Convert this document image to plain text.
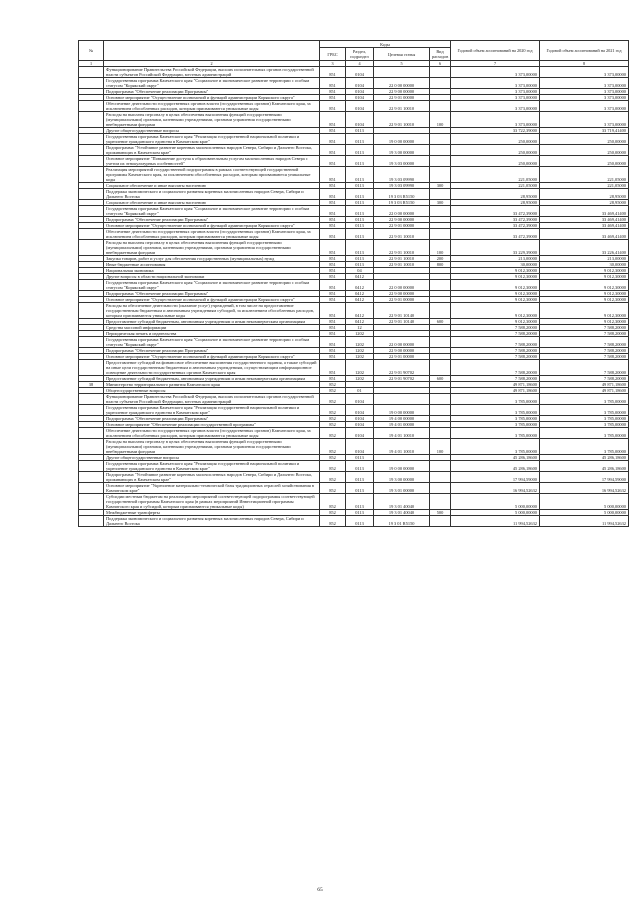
№		Коды				Годовой объем ассигнований на 2020 год	Годовой объем ассигнований на 2021 год
		ГРБС	Раздел, подраздел	Целевая статья	Вид расходов		
1	2	3	4	5	6	7	8
	Функционирование Правительства Российской Федерации, высших исполнительных органов государственной власти субъектов Российской Федерации, местных администраций	851	0104			3 373,00000	3 373,00000
	Государственная программа Камчатского края "Социальное и экономическое развитие территории с особым статусом "Корякский округ"	851	0104	22 0 00 00000		3 373,00000	3 373,00000
	Подпрограмма "Обеспечение реализации Программы"	851	0104	22 9 00 00000		3 373,00000	3 373,00000
	Основное мероприятие "Осуществление полномочий и функций администрации Корякского округа"	851	0104	22 9 01 00000		3 373,00000	3 373,00000
	Обеспечение деятельности государственных органов власти (государственных органов) Камчатского края, за исключением обособленных расходов, которым присваиваются уникальные коды	851	0104	22 9 01 10010		3 373,00000	3 373,00000
	Расходы на выплаты персоналу в целях обеспечения выполнения функций государственными (муниципальными) органами, казенными учреждениями, органами управления государственными внебюджетными фондами	851	0104	22 9 01 10010	100	3 373,00000	3 373,00000
	Другие общегосударственные вопросы	851	0113			33 722,39000	33 719,41400
	Государственная программа Камчатского края "Реализация государственной национальной политики и укрепление гражданского единства в Камчатском крае"	851	0113	19 0 00 00000		250,00000	250,00000
	Подпрограмма "Устойчивое развитие коренных малочисленных народов Севера, Сибири и Дальнего Востока, проживающих в Камчатском крае"	851	0113	19 3 00 00000		250,00000	250,00000
	Основное мероприятие "Повышение доступа к образовательным услугам малочисленных народов Севера с учетом их этнокультурных особенностей"	851	0113	19 3 03 00000		250,00000	250,00000
	Реализация мероприятий государственной подпрограммы в рамках соответствующей государственной программы Камчатского края, за исключением обособленных расходов, которым присваиваются уникальные коды	851	0113	19 3 03 09990		221,05000	221,05000
	Социальное обеспечение и иные выплаты населению	851	0113	19 3 03 09990	300	221,05000	221,05000
	Поддержка экономического и социального развития коренных малочисленных народов Севера, Сибири и Дальнего Востока	851	0113	19 3 03 R5150		28,95000	28,95000
	Социальное обеспечение и иные выплаты населению	851	0113	19 3 03 R5150	300	28,95000	28,95000
	Государственная программа Камчатского края "Социальное и экономическое развитие территории с особым статусом "Корякский округ"	851	0113	22 0 00 00000		33 472,39000	33 469,41400
	Подпрограмма "Обеспечение реализации Программы"	851	0113	22 9 00 00000		33 472,39000	33 469,41400
	Основное мероприятие "Осуществление полномочий и функций администрации Корякского округа"	851	0113	22 9 01 00000		33 472,39000	33 469,41400
	Обеспечение деятельности государственных органов власти (государственных органов) Камчатского края, за исключением обособленных расходов, которым присваиваются уникальные коды	851	0113	22 9 01 10010		33 472,39000	33 469,41400
	Расходы на выплаты персоналу в целях обеспечения выполнения функций государственными (муниципальными) органами, казенными учреждениями, органами управления государственными внебюджетными фондами	851	0113	22 9 01 10010	100	33 229,39000	33 226,41400
	Закупка товаров, работ и услуг для обеспечения государственных (муниципальных) нужд	851	0113	22 9 01 10010	200	213,00000	213,00000
	Иные бюджетные ассигнования	851	0113	22 9 01 10010	800	30,00000	30,00000
	Национальная экономика	851	04			9 012,30000	9 012,30000
	Другие вопросы в области национальной экономики	851	0412			9 012,30000	9 012,30000
	Государственная программа Камчатского края "Социальное и экономическое развитие территории с особым статусом "Корякский округ"	851	0412	22 0 00 00000		9 012,30000	9 012,30000
	Подпрограмма "Обеспечение реализации Программы"	851	0412	22 9 00 00000		9 012,30000	9 012,30000
	Основное мероприятие "Осуществление полномочий и функций администрации Корякского округа"	851	0412	22 9 01 00000		9 012,30000	9 012,30000
	Расходы на обеспечение деятельности (оказание услуг) учреждений, в том числе на предоставление государственным бюджетным и автономным учреждениям субсидий, за исключением обособленных расходов, которым присваиваются уникальные коды	851	0412	22 9 01 10140		9 012,30000	9 012,30000
	Предоставление субсидий бюджетным, автономным учреждениям и иным некоммерческим организациям	851	0412	22 9 01 10140	600	9 012,30000	9 012,30000
	Средства массовой информации	851	12			7 588,20000	7 588,20000
	Периодическая печать и издательства	851	1202			7 588,20000	7 588,20000
	Государственная программа Камчатского края "Социальное и экономическое развитие территории с особым статусом "Корякский округ"	851	1202	22 0 00 00000		7 588,20000	7 588,20000
	Подпрограмма "Обеспечение реализации Программы"	851	1202	22 9 00 00000		7 588,20000	7 588,20000
	Основное мероприятие "Осуществление полномочий и функций администрации Корякского округа"	851	1202	22 9 01 00000		7 588,20000	7 588,20000
	Предоставление субсидий на финансовое обеспечение выполнения государственного задания, а также субсидий на иные цели государственным бюджетным и автономным учреждениям, осуществляющим информационное освещение деятельности государственных органов Камчатского края	851	1202	22 9 01 90702		7 588,20000	7 588,20000
	Предоставление субсидий бюджетным, автономным учреждениям и иным некоммерческим организациям	851	1202	22 9 01 90702	600	7 588,20000	7 588,20000
38	Министерство территориального развития Камчатского края	852				49 871,18600	49 871,18600
	Общегосударственные вопросы	852	01			49 871,18600	49 871,18600
	Функционирование Правительства Российской Федерации, высших исполнительных органов государственной власти субъектов Российской Федерации, местных администраций	852	0104			3 785,00000	3 785,00000
	Государственная программа Камчатского края "Реализация государственной национальной политики и укрепление гражданского единства в Камчатском крае"	852	0104	19 0 00 00000		3 785,00000	3 785,00000
	Подпрограмма "Обеспечение реализации Программы"	852	0104	19 4 00 00000		3 785,00000	3 785,00000
	Основное мероприятие "Обеспечение реализации государственной программы"	852	0104	19 4 01 00000		3 785,00000	3 785,00000
	Обеспечение деятельности государственных органов власти (государственных органов) Камчатского края, за исключением обособленных расходов, которым присваиваются уникальные коды	852	0104	19 4 01 10010		3 785,00000	3 785,00000
	Расходы на выплаты персоналу в целях обеспечения выполнения функций государственными (муниципальными) органами, казенными учреждениями, органами управления государственными внебюджетными фондами	852	0104	19 4 01 10010	100	3 785,00000	3 785,00000
	Другие общегосударственные вопросы	852	0113			45 286,18600	45 286,18600
	Государственная программа Камчатского края "Реализация государственной национальной политики и укрепление гражданского единства в Камчатском крае"	852	0113	19 0 00 00000		45 286,18600	45 286,18600
	Подпрограмма "Устойчивое развитие коренных малочисленных народов Севера, Сибири и Дальнего Востока, проживающих в Камчатском крае"	852	0113	19 3 00 00000		17 994,59000	17 994,59000
	Основное мероприятие "Укрепление материально-технической базы традиционных отраслей хозяйствования в Камчатском крае"	852	0113	19 3 01 00000		16 994,52632	16 994,52632
	Субсидии местным бюджетам на реализацию мероприятий соответствующей подпрограммы соответствующей государственной программы Камчатского края (в рамках мероприятий Инвестиционной программы Камчатского края и субсидий, которым присваиваются уникальные коды)	852	0113	19 3 01 40040		5 000,00000	5 000,00000
	Межбюджетные трансферты	852	0113	19 3 01 40040	500	5 000,00000	5 000,00000
	Поддержка экономического и социального развития коренных малочисленных народов Севера, Сибири и Дальнего Востока	852	0113	19 3 01 R5150		11 994,52632	11 994,52632
65
